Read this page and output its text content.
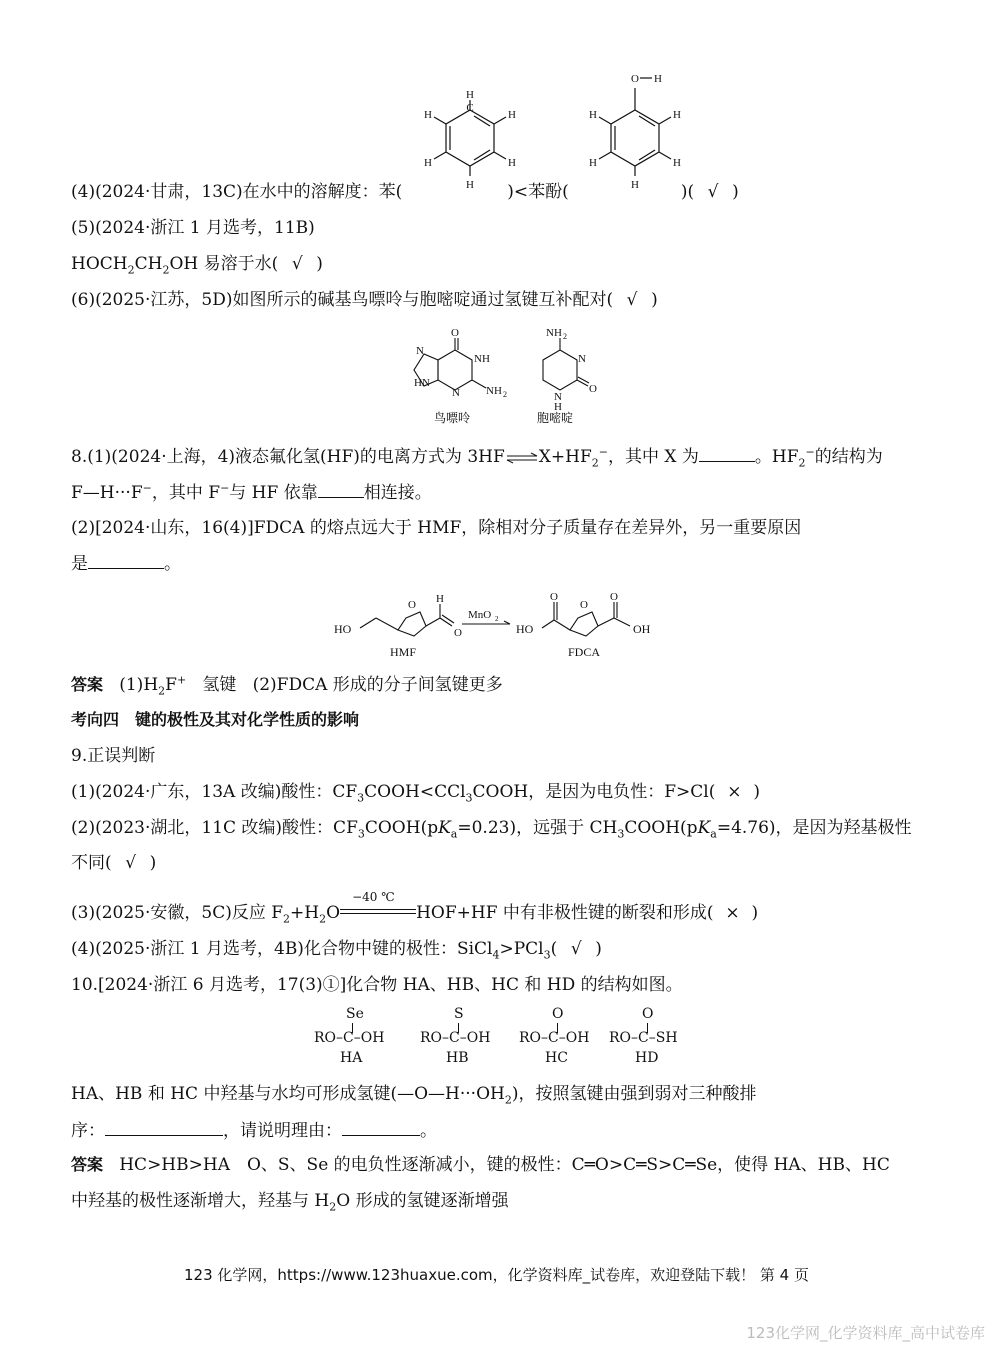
H
C
H
H
H
H
H
O H
H
H
H
H
H
(4)(2024·甘肃，13C)在水中的溶解度：苯(	)<苯酚(	)( √ )
(5)(2024·浙江 1 月选考，11B)
$HOCH_2CH_2OH$ 易溶于水( √ )
(6)(2025·江苏，5D)如图所示的碱基鸟嘌呤与胞嘧啶通过氢键互补配对( √ )
O
NH
N NH 2
N
HN
NH 2
N
N
H
O
鸟嘌呤	胞嘧啶
8.(1)(2024·上海，4)液态氟化氢(HF)的电离方式为 $3HF\rightleftharpoons X+HF_2^-$，其中 X 为	。$HF_2^-$的结构为
F—H···F−，其中 F−与 HF 依靠	相连接。
(2)[2024·山东，16(4)]FDCA 的熔点远大于 HMF，除相对分子质量存在差异外，另一重要原因
是	。
HO
O H
O
MnO 2
HO
O
O
O
OH
HMF	FDCA
答案 $(1)H_2F^+$ 氢键 (2)FDCA 形成的分子间氢键更多
考向四　键的极性及其对化学性质的影响
9.正误判断
(1)(2024·广东，13A 改编)酸性：$CF_3COOH<CCl_3COOH$，是因为电负性：F>Cl( × )
(2)(2023·湖北，11C 改编)酸性：$CF_3COOH(pK_a=0.23)$，远强于 $CH_3COOH(pK_a=4.76)$，是因为羟基极性
不同( √ )
(3)(2025·安徽，5C)反应 $F_2+H_2O$
−40 ℃
HOF+HF 中有非极性键的断裂和形成( × )
(4)(2025·浙江 1 月选考，4B)化合物中键的极性：SiCl$_4$>PCl$_3$( √ )
10.[2024·浙江 6 月选考，17(3)①]化合物 HA、HB、HC 和 HD 的结构如图。
Se
RO–C–OH
HA
S
RO–C–OH
HB
O
RO–C–OH
HC
O
RO–C–SH
HD
HA、HB 和 HC 中羟基与水均可形成氢键$(—O—H\cdot\cdot\cdot OH_2)$，按照氢键由强到弱对三种酸排
序：	，请说明理由：	。
答案 HC>HB>HA　O、S、Se 的电负性逐渐减小，键的极性：C═O>C═S>C═Se，使得 HA、HB、HC
中羟基的极性逐渐增大，羟基与 $H_2O$ 形成的氢键逐渐增强
123 化学网，https://www.123huaxue.com，化学资料库_试卷库，欢迎登陆下载！ 第 4 页
123化学网_化学资料库_高中试卷库
